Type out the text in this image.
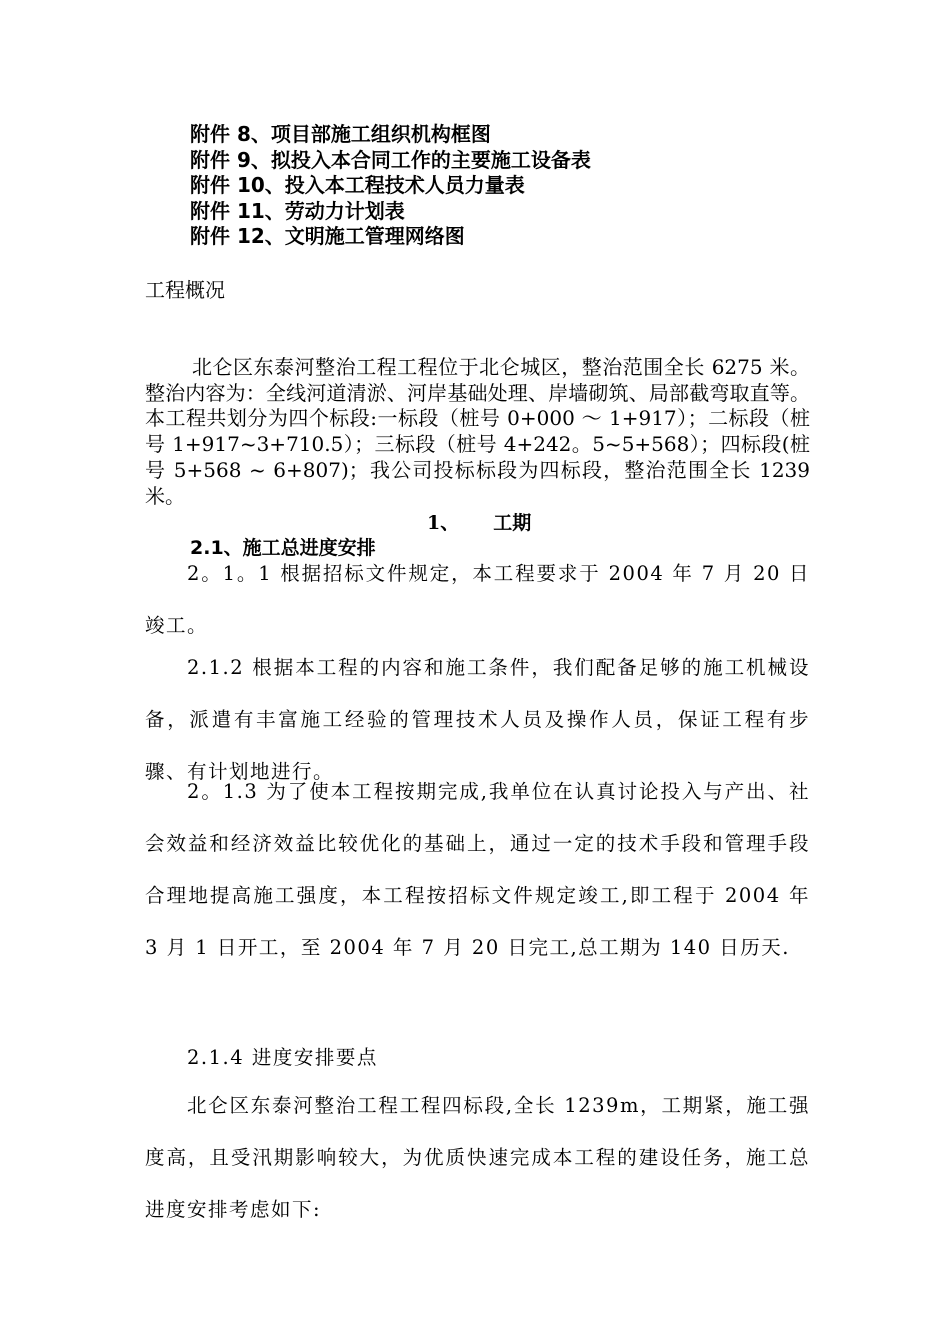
附件 8、项目部施工组织机构框图
附件 9、拟投入本合同工作的主要施工设备表
附件 10、投入本工程技术人员力量表
附件 11、劳动力计划表
附件 12、文明施工管理网络图
工程概况

北仑区东泰河整治工程工程位于北仑城区，整治范围全长 6275 米。整治内容为：全线河道清淤、河岸基础处理、岸墙砌筑、局部截弯取直等。本工程共划分为四个标段:一标段（桩号 0+000 ～ 1+917）；二标段（桩号 1+917~3+710.5）；三标段（桩号 4+242。5~5+568）；四标段(桩号 5+568 ~ 6+807)；我公司投标标段为四标段，整治范围全长 1239 米。

1、 工期
2.1、施工总进度安排

2。1。1 根据招标文件规定，本工程要求于 2004 年 7 月 20 日竣工。

2.1.2 根据本工程的内容和施工条件，我们配备足够的施工机械设备，派遣有丰富施工经验的管理技术人员及操作人员，保证工程有步骤、有计划地进行。

2。1.3 为了使本工程按期完成,我单位在认真讨论投入与产出、社会效益和经济效益比较优化的基础上，通过一定的技术手段和管理手段合理地提高施工强度，本工程按招标文件规定竣工,即工程于 2004 年 3 月 1 日开工，至 2004 年 7 月 20 日完工,总工期为 140 日历天.

2.1.4 进度安排要点

北仑区东泰河整治工程工程四标段,全长 1239m，工期紧，施工强度高，且受汛期影响较大，为优质快速完成本工程的建设任务，施工总进度安排考虑如下:
